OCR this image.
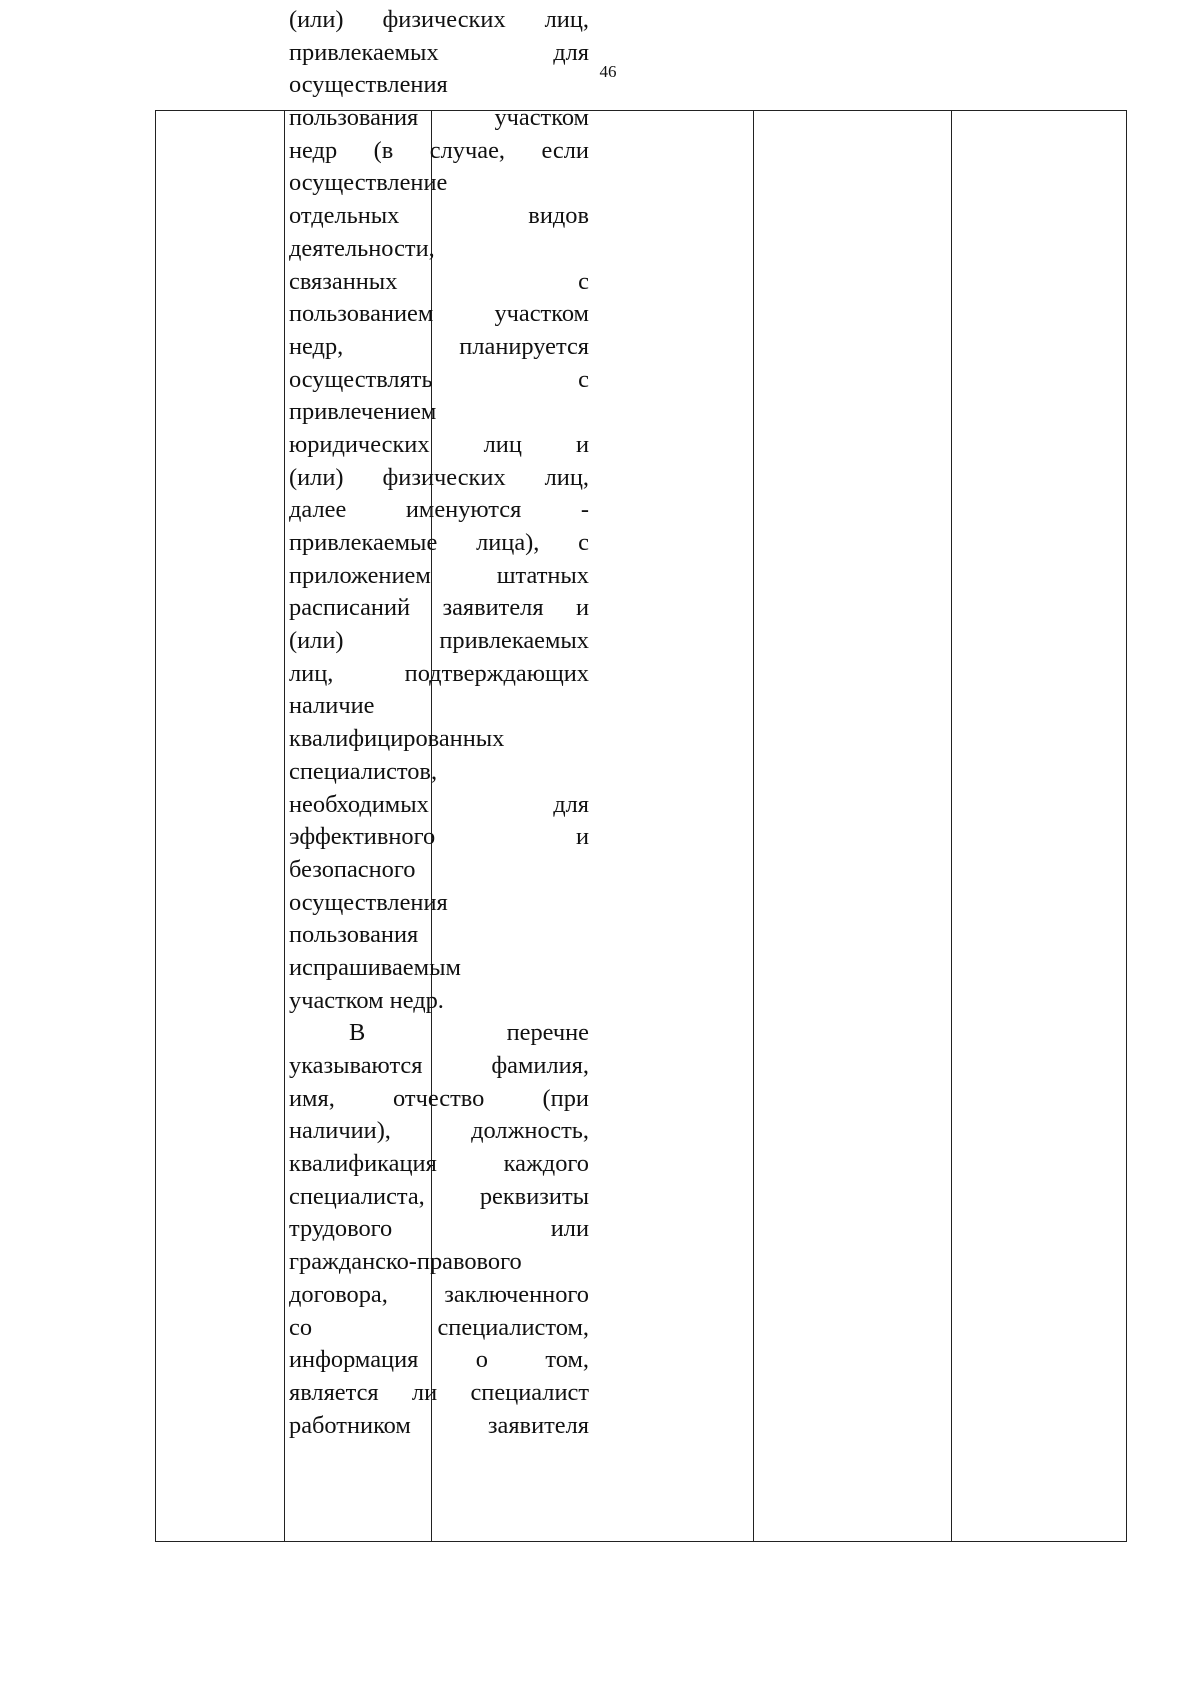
46
(или) физических лиц,
привлекаемых	для
осуществления
пользования	участком
недр (в случае, если
осуществление
отдельных	видов
деятельности,
связанных	с
пользованием	участком
недр,	планируется
осуществлять	с
привлечением
юридических лиц и
(или) физических лиц,
далее именуются -
привлекаемые лица), с
приложением	штатных
расписаний заявителя и
(или)	привлекаемых
лиц,	подтверждающих
наличие
квалифицированных
специалистов,
необходимых	для
эффективного	и
безопасного
осуществления
пользования
испрашиваемым
участком недр.
В	перечне
указываются	фамилия,
имя, отчество (при
наличии),	должность,
квалификация	каждого
специалиста, реквизиты
трудового	или
гражданско-правового
договора, заключенного
со	специалистом,
информация о том,
является ли специалист
работником	заявителя
